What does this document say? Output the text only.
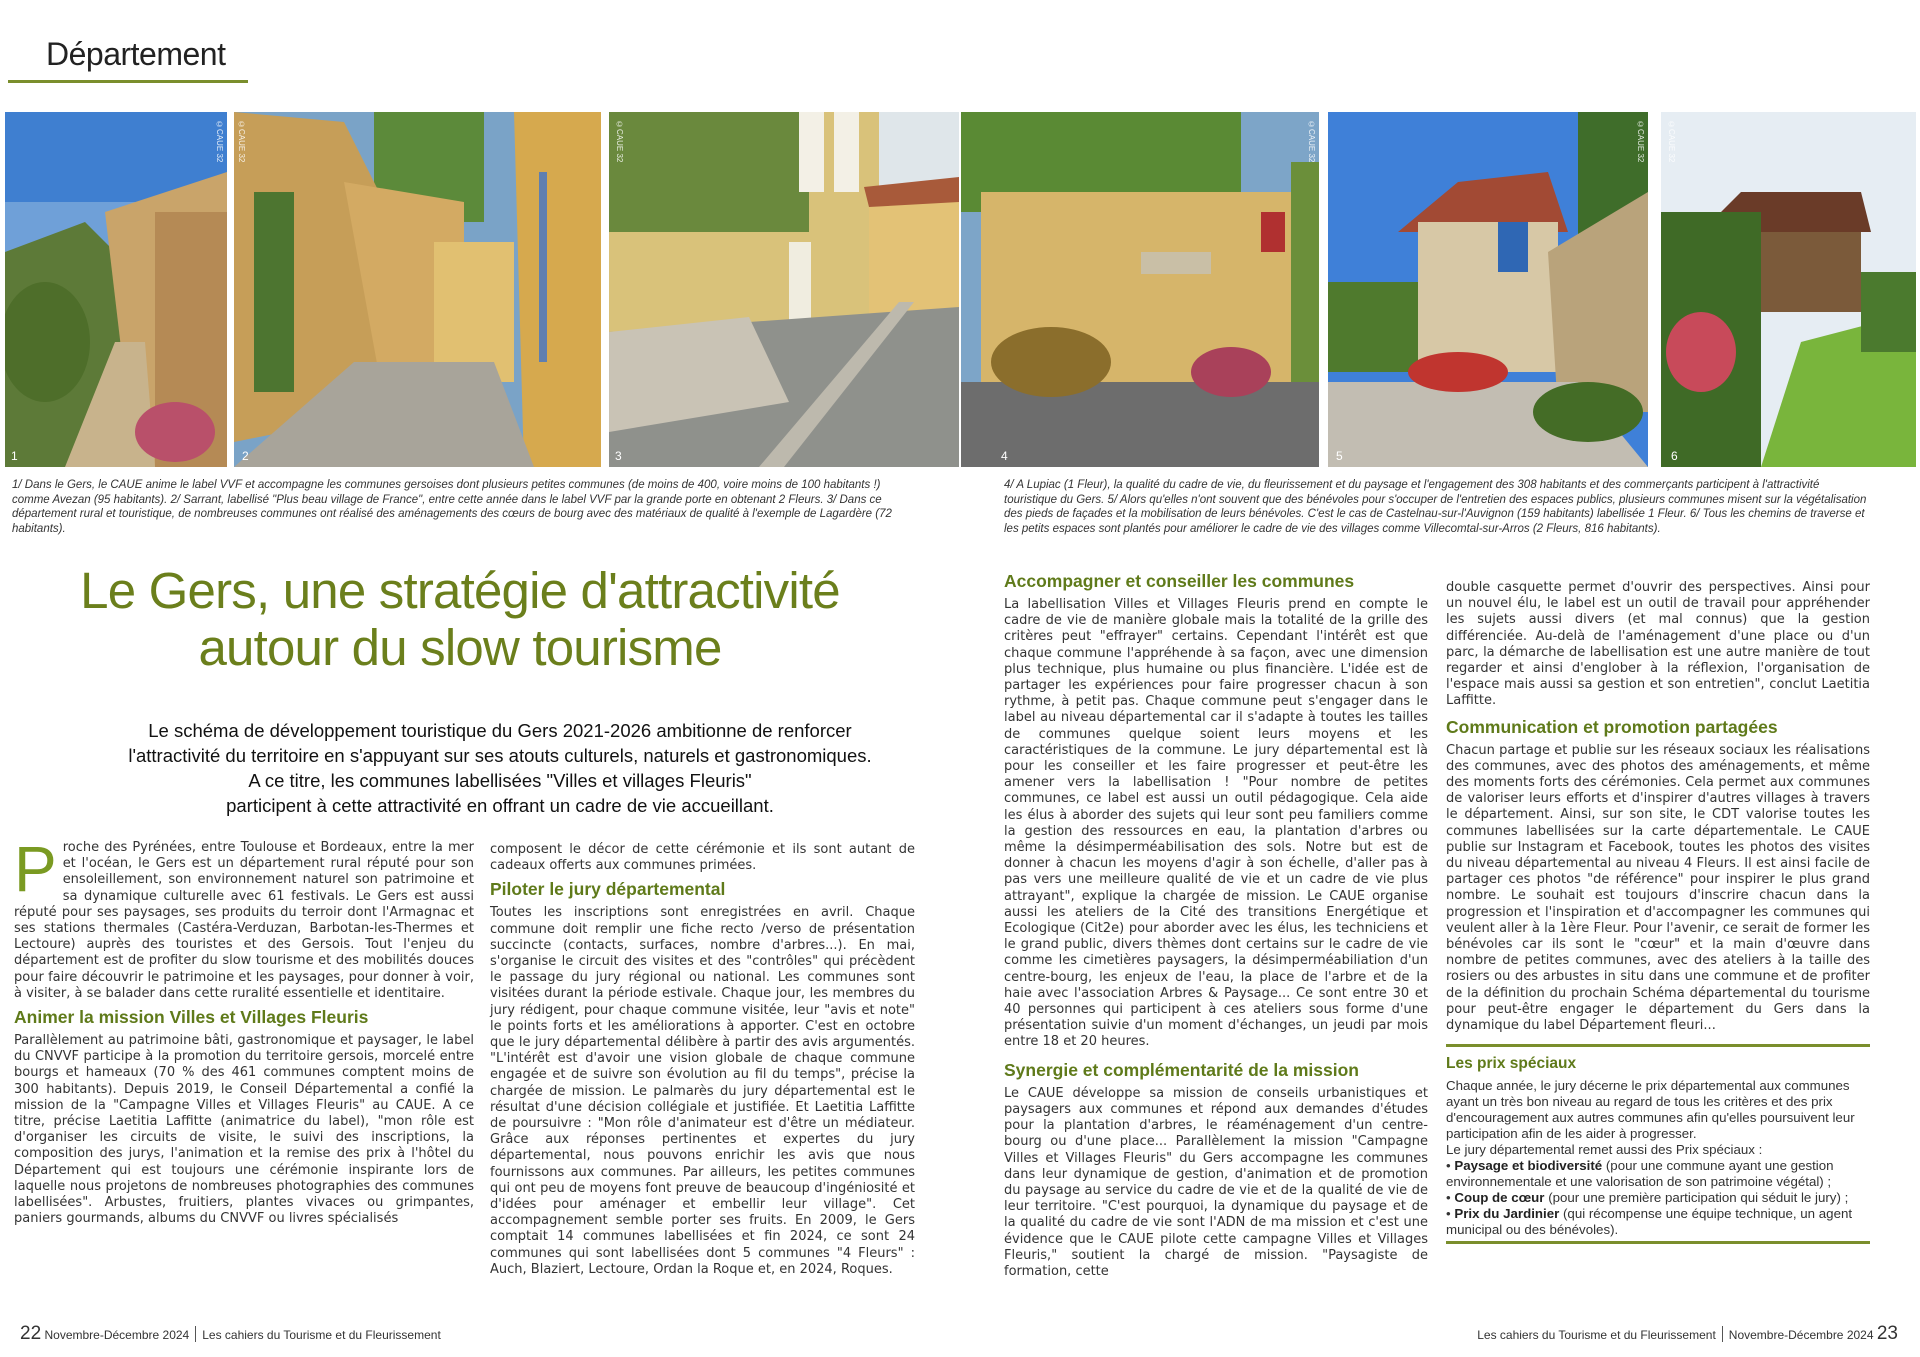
Département
1
©CAUE 32
2
©CAUE 32
3
©CAUE 32
4
©CAUE 32
5
©CAUE 32
6
©CAUE 32
1/ Dans le Gers, le CAUE anime le label VVF et accompagne les communes gersoises dont plusieurs petites communes (de moins de 400, voire moins de 100 habitants !) comme Avezan (95 habitants). 2/ Sarrant, labellisé "Plus beau village de France", entre cette année dans le label VVF par la grande porte en obtenant 2 Fleurs. 3/ Dans ce département rural et touristique, de nombreuses communes ont réalisé des aménagements des cœurs de bourg avec des matériaux de qualité à l'exemple de Lagardère (72 habitants).
4/ A Lupiac (1 Fleur), la qualité du cadre de vie, du fleurissement et du paysage et l'engagement des 308 habitants et des commerçants participent à l'attractivité touristique du Gers. 5/ Alors qu'elles n'ont souvent que des bénévoles pour s'occuper de l'entretien des espaces publics, plusieurs communes misent sur la végétalisation des pieds de façades et la mobilisation de leurs bénévoles. C'est le cas de Castelnau-sur-l'Auvignon (159 habitants) labellisée 1 Fleur. 6/ Tous les chemins de traverse et les petits espaces sont plantés pour améliorer le cadre de vie des villages comme Villecomtal-sur-Arros (2 Fleurs, 816 habitants).
Le Gers, une stratégie d'attractivité
autour du slow tourisme
Le schéma de développement touristique du Gers 2021-2026 ambitionne de renforcer
l'attractivité du territoire en s'appuyant sur ses atouts culturels, naturels et gastronomiques.
A ce titre, les communes labellisées "Villes et villages Fleuris"
participent à cette attractivité en offrant un cadre de vie accueillant.

Proche des Pyrénées, entre Toulouse et Bordeaux, entre la mer et l'océan, le Gers est un département rural réputé pour son ensoleillement, son environnement naturel son patrimoine et sa dynamique culturelle avec 61 festivals. Le Gers est aussi réputé pour ses paysages, ses produits du terroir dont l'Armagnac et ses stations thermales (Castéra-Verduzan, Barbotan-les-Thermes et Lectoure) auprès des touristes et des Gersois. Tout l'enjeu du département est de profiter du slow tourisme et des mobilités douces pour faire découvrir le patrimoine et les paysages, pour donner à voir, à visiter, à se balader dans cette ruralité essentielle et identitaire.

Animer la mission Villes et Villages Fleuris

Parallèlement au patrimoine bâti, gastronomique et paysager, le label du CNVVF participe à la promotion du territoire gersois, morcelé entre bourgs et hameaux (70 % des 461 communes comptent moins de 300 habitants). Depuis 2019, le Conseil Départemental a confié la mission de la "Campagne Villes et Villages Fleuris" au CAUE. A ce titre, précise Laetitia Laffitte (animatrice du label), "mon rôle est d'organiser les circuits de visite, le suivi des inscriptions, la composition des jurys, l'animation et la remise des prix à l'hôtel du Département qui est toujours une cérémonie inspirante lors de laquelle nous projetons de nombreuses photographies des communes labellisées". Arbustes, fruitiers, plantes vivaces ou grimpantes, paniers gourmands, albums du CNVVF ou livres spécialisés

composent le décor de cette cérémonie et ils sont autant de cadeaux offerts aux communes primées.

Piloter le jury départemental

Toutes les inscriptions sont enregistrées en avril. Chaque commune doit remplir une fiche recto /verso de présentation succincte (contacts, surfaces, nombre d'arbres...). En mai, s'organise le circuit des visites et des "contrôles" qui précèdent le passage du jury régional ou national. Les communes sont visitées durant la période estivale. Chaque jour, les membres du jury rédigent, pour chaque commune visitée, leur "avis et note" le points forts et les améliorations à apporter. C'est en octobre que le jury départemental délibère à partir des avis argumentés. "L'intérêt est d'avoir une vision globale de chaque commune engagée et de suivre son évolution au fil du temps", précise la chargée de mission. Le palmarès du jury départemental est le résultat d'une décision collégiale et justifiée. Et Laetitia Laffitte de poursuivre : "Mon rôle d'animateur est d'être un médiateur. Grâce aux réponses pertinentes et expertes du jury départemental, nous pouvons enrichir les avis que nous fournissons aux communes. Par ailleurs, les petites communes qui ont peu de moyens font preuve de beaucoup d'ingéniosité et d'idées pour aménager et embellir leur village". Cet accompagnement semble porter ses fruits. En 2009, le Gers comptait 14 communes labellisées et fin 2024, ce sont 24 communes qui sont labellisées dont 5 communes "4 Fleurs" : Auch, Blaziert, Lectoure, Ordan la Roque et, en 2024, Roques.

Accompagner et conseiller les communes

La labellisation Villes et Villages Fleuris prend en compte le cadre de vie de manière globale mais la totalité de la grille des critères peut "effrayer" certains. Cependant l'intérêt est que chaque commune l'appréhende à sa façon, avec une dimension plus technique, plus humaine ou plus financière. L'idée est de partager les expériences pour faire progresser chacun à son rythme, à petit pas. Chaque commune peut s'engager dans le label au niveau départemental car il s'adapte à toutes les tailles de communes quelque soient leurs moyens et les caractéristiques de la commune. Le jury départemental est là pour les conseiller et les faire progresser et peut-être les amener vers la labellisation ! "Pour nombre de petites communes, ce label est aussi un outil pédagogique. Cela aide les élus à aborder des sujets qui leur sont peu familiers comme la gestion des ressources en eau, la plantation d'arbres ou même la désimperméabilisation des sols. Notre but est de donner à chacun les moyens d'agir à son échelle, d'aller pas à pas vers une meilleure qualité de vie et un cadre de vie plus attrayant", explique la chargée de mission. Le CAUE organise aussi les ateliers de la Cité des transitions Energétique et Ecologique (Cit2e) pour aborder avec les élus, les techniciens et le grand public, divers thèmes dont certains sur le cadre de vie comme les cimetières paysagers, la désimperméabiliation d'un centre-bourg, les enjeux de l'eau, la place de l'arbre et de la haie avec l'association Arbres & Paysage... Ce sont entre 30 et 40 personnes qui participent à ces ateliers sous forme d'une présentation suivie d'un moment d'échanges, un jeudi par mois entre 18 et 20 heures.

Synergie et complémentarité de la mission

Le CAUE développe sa mission de conseils urbanistiques et paysagers aux communes et répond aux demandes d'études pour la plantation d'arbres, le réaménagement d'un centre-bourg ou d'une place... Parallèlement la mission "Campagne Villes et Villages Fleuris" du Gers accompagne les communes dans leur dynamique de gestion, d'animation et de promotion du paysage au service du cadre de vie et de la qualité de vie de leur territoire. "C'est pourquoi, la dynamique du paysage et de la qualité du cadre de vie sont l'ADN de ma mission et c'est une évidence que le CAUE pilote cette campagne Villes et Villages Fleuris," soutient la chargé de mission. "Paysagiste de formation, cette

double casquette permet d'ouvrir des perspectives. Ainsi pour un nouvel élu, le label est un outil de travail pour appréhender les sujets aussi divers (et mal connus) que la gestion différenciée. Au-delà de l'aménagement d'une place ou d'un parc, la démarche de labellisation est une autre manière de tout regarder et ainsi d'englober à la réflexion, l'organisation de l'espace mais aussi sa gestion et son entretien", conclut Laetitia Laffitte.

Communication et promotion partagées

Chacun partage et publie sur les réseaux sociaux les réalisations des communes, avec des photos des aménagements, et même des moments forts des cérémonies. Cela permet aux communes de valoriser leurs efforts et d'inspirer d'autres villages à travers le département. Ainsi, sur son site, le CDT valorise toutes les communes labellisées sur la carte départementale. Le CAUE publie sur Instagram et Facebook, toutes les photos des visites du niveau départemental au niveau 4 Fleurs. Il est ainsi facile de partager ces photos "de référence" pour inspirer le plus grand nombre. Le souhait est toujours d'inscrire chacun dans la progression et l'inspiration et d'accompagner les communes qui veulent aller à la 1ère Fleur. Pour l'avenir, ce serait de former les bénévoles car ils sont le "cœur" et la main d'œuvre dans nombre de petites communes, avec des ateliers à la taille des rosiers ou des arbustes in situ dans une commune et de profiter de la définition du prochain Schéma départemental du tourisme pour peut-être engager le département du Gers dans la dynamique du label Département fleuri...

Les prix spéciaux

Chaque année, le jury décerne le prix départemental aux communes ayant un très bon niveau au regard de tous les critères et des prix d'encouragement aux autres communes afin qu'elles poursuivent leur participation afin de les aider à progresser.

Le jury départemental remet aussi des Prix spéciaux :

• Paysage et biodiversité (pour une commune ayant une gestion environnementale et une valorisation de son patrimoine végétal) ;
• Coup de cœur (pour une première participation qui séduit le jury) ;
• Prix du Jardinier (qui récompense une équipe technique, un agent municipal ou des bénévoles).
22 Novembre-Décembre 2024 Les cahiers du Tourisme et du Fleurissement	Les cahiers du Tourisme et du Fleurissement Novembre-Décembre 2024 23
